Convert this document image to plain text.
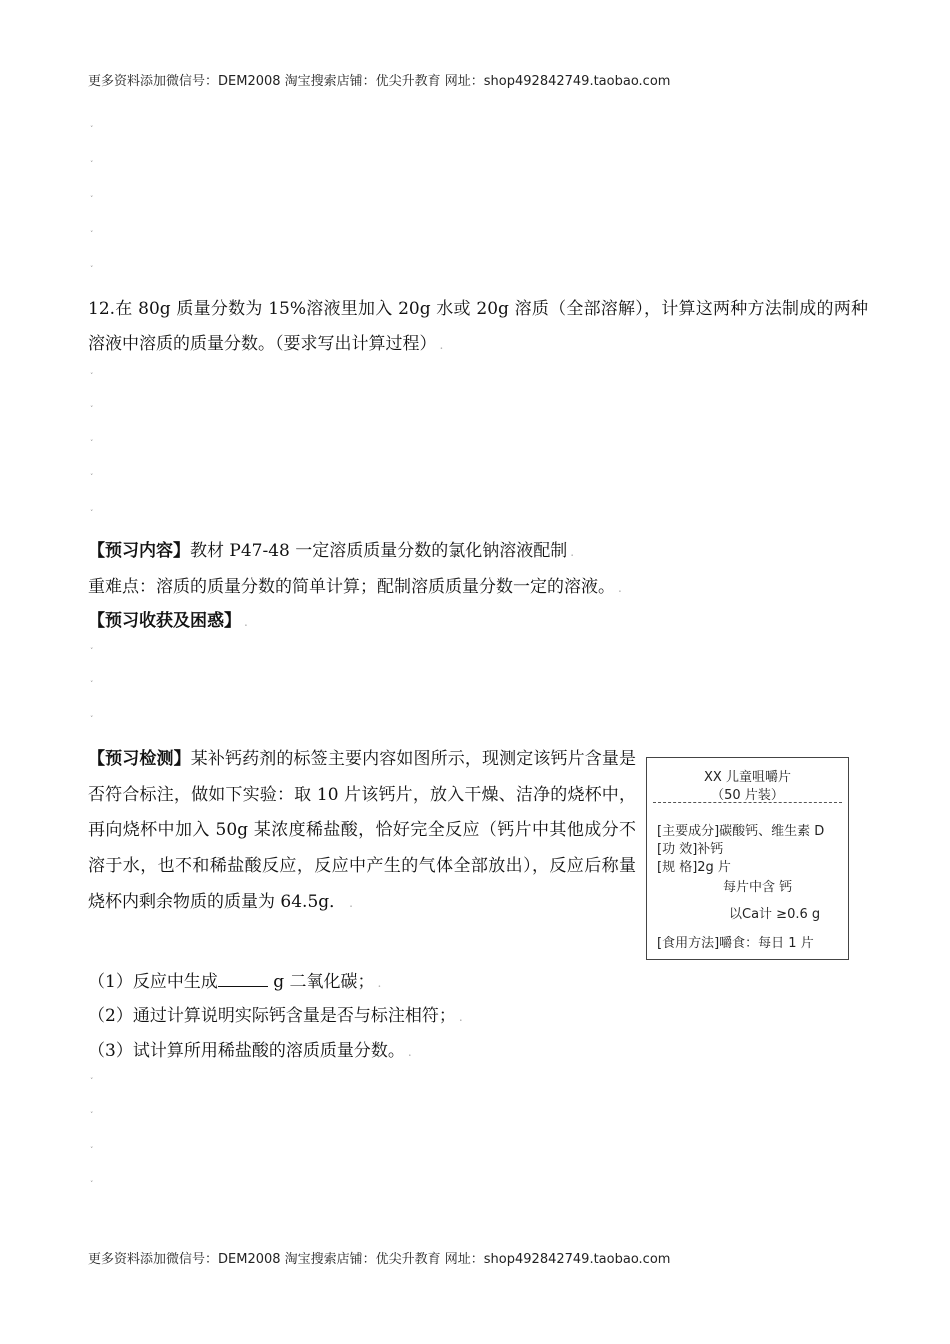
更多资料添加微信号：DEM2008 淘宝搜索店铺：优尖升教育 网址：shop492842749.taobao.com
˯
˯
˯
˯
˯
12.在 80g 质量分数为 15%溶液里加入 20g 水或 20g 溶质（全部溶解），计算这两种方法制成的两种溶液中溶质的质量分数。（要求写出计算过程） .
˯
˯
˯
˯
˯
【预习内容】教材 P47-48 一定溶质质量分数的氯化钠溶液配制 .
重难点：溶质的质量分数的简单计算；配制溶质质量分数一定的溶液。 .
【预习收获及困惑】 .
˯
˯
˯
【预习检测】某补钙药剂的标签主要内容如图所示，现测定该钙片含量是否符合标注，做如下实验：取 10 片该钙片，放入干燥、洁净的烧杯中，再向烧杯中加入 50g 某浓度稀盐酸，恰好完全反应（钙片中其他成分不溶于水，也不和稀盐酸反应，反应中产生的气体全部放出），反应后称量烧杯内剩余物质的质量为 64.5g． .
（1）反应中生成	g 二氧化碳； .
（2）通过计算说明实际钙含量是否与标注相符； .
（3）试计算所用稀盐酸的溶质质量分数。 .
˯
˯
˯
˯
XX 儿童咀嚼片
（50 片装）
[主要成分]碳酸钙、维生素 D
[功 效]补钙
[规 格]2g 片
每片中含 钙
以Ca计 ≥0.6 g
[食用方法]嚼食：每日 1 片
更多资料添加微信号：DEM2008 淘宝搜索店铺：优尖升教育 网址：shop492842749.taobao.com
